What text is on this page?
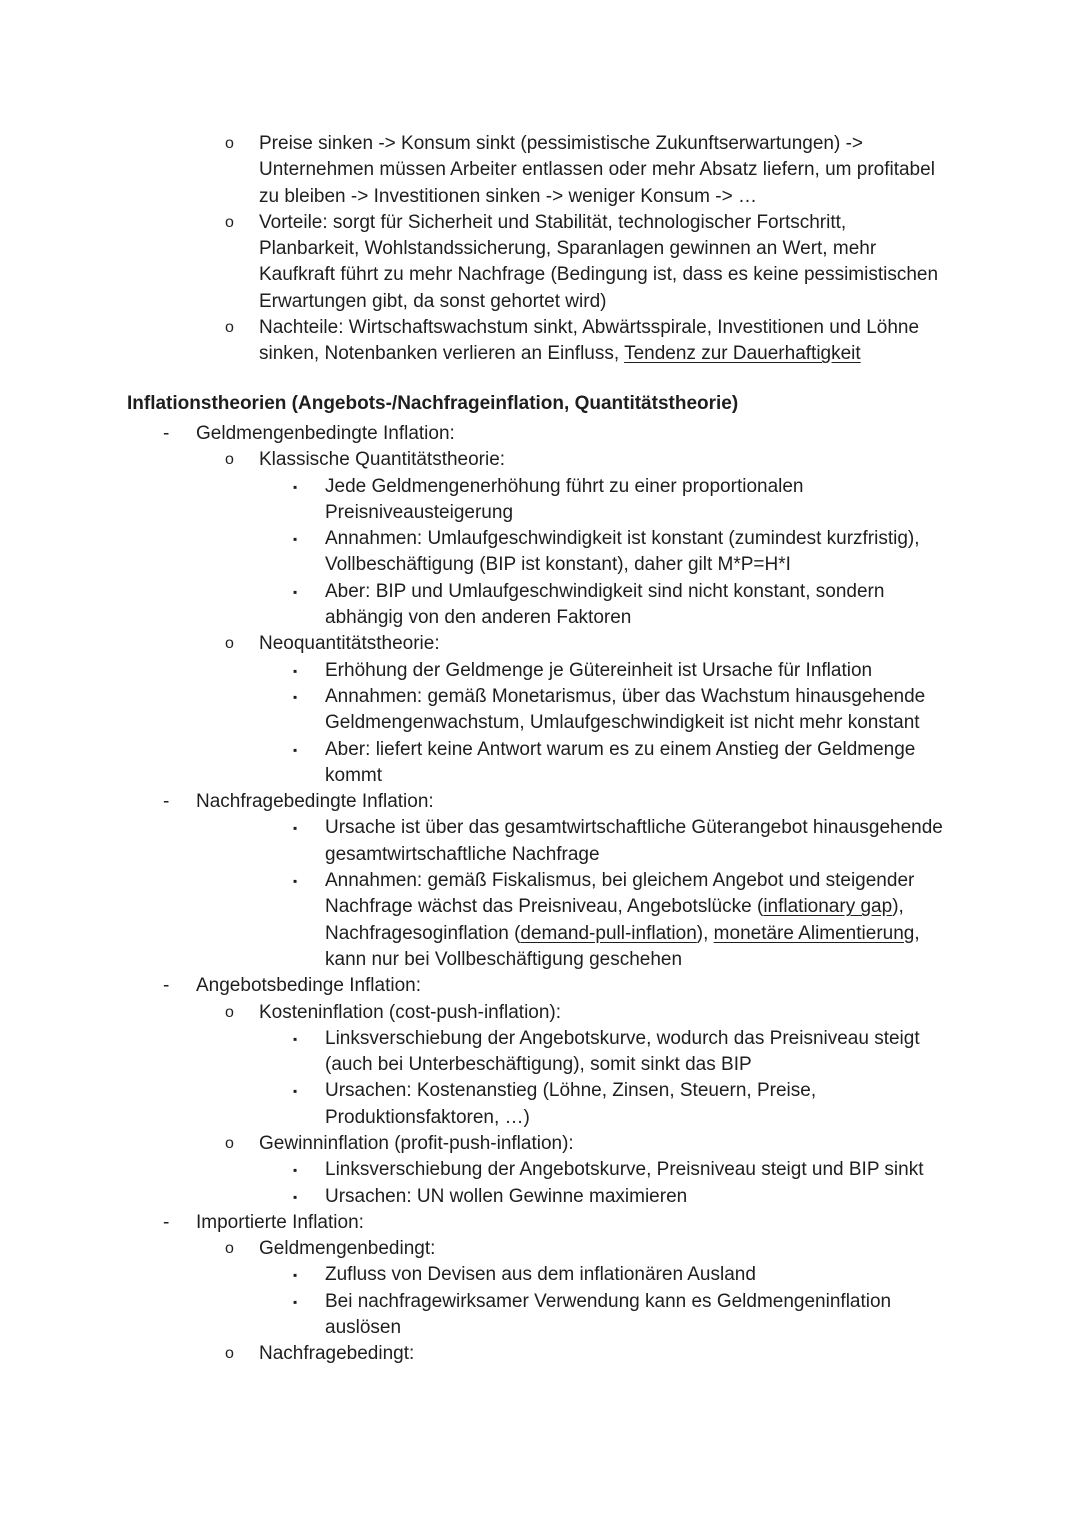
o Preise sinken -> Konsum sinkt (pessimistische Zukunftserwartungen) ->
Unternehmen müssen Arbeiter entlassen oder mehr Absatz liefern, um profitabel
zu bleiben -> Investitionen sinken -> weniger Konsum -> …
o Vorteile: sorgt für Sicherheit und Stabilität, technologischer Fortschritt,
Planbarkeit, Wohlstandssicherung, Sparanlagen gewinnen an Wert, mehr
Kaufkraft führt zu mehr Nachfrage (Bedingung ist, dass es keine pessimistischen
Erwartungen gibt, da sonst gehortet wird)
o Nachteile: Wirtschaftswachstum sinkt, Abwärtsspirale, Investitionen und Löhne
sinken, Notenbanken verlieren an Einfluss, Tendenz zur Dauerhaftigkeit
Inflationstheorien (Angebots-/Nachfrageinflation, Quantitätstheorie)
- Geldmengenbedingte Inflation:
o Klassische Quantitätstheorie:
▪ Jede Geldmengenerhöhung führt zu einer proportionalen
Preisniveausteigerung
▪ Annahmen: Umlaufgeschwindigkeit ist konstant (zumindest kurzfristig),
Vollbeschäftigung (BIP ist konstant), daher gilt M*P=H*I
▪ Aber: BIP und Umlaufgeschwindigkeit sind nicht konstant, sondern
abhängig von den anderen Faktoren
o Neoquantitätstheorie:
▪ Erhöhung der Geldmenge je Gütereinheit ist Ursache für Inflation
▪ Annahmen: gemäß Monetarismus, über das Wachstum hinausgehende
Geldmengenwachstum, Umlaufgeschwindigkeit ist nicht mehr konstant
▪ Aber: liefert keine Antwort warum es zu einem Anstieg der Geldmenge
kommt
- Nachfragebedingte Inflation:
▪ Ursache ist über das gesamtwirtschaftliche Güterangebot hinausgehende
gesamtwirtschaftliche Nachfrage
▪ Annahmen: gemäß Fiskalismus, bei gleichem Angebot und steigender
Nachfrage wächst das Preisniveau, Angebotslücke (inflationary gap),
Nachfragesoginflation (demand-pull-inflation), monetäre Alimentierung,
kann nur bei Vollbeschäftigung geschehen
- Angebotsbedinge Inflation:
o Kosteninflation (cost-push-inflation):
▪ Linksverschiebung der Angebotskurve, wodurch das Preisniveau steigt
(auch bei Unterbeschäftigung), somit sinkt das BIP
▪ Ursachen: Kostenanstieg (Löhne, Zinsen, Steuern, Preise,
Produktionsfaktoren, …)
o Gewinninflation (profit-push-inflation):
▪ Linksverschiebung der Angebotskurve, Preisniveau steigt und BIP sinkt
▪ Ursachen: UN wollen Gewinne maximieren
- Importierte Inflation:
o Geldmengenbedingt:
▪ Zufluss von Devisen aus dem inflationären Ausland
▪ Bei nachfragewirksamer Verwendung kann es Geldmengeninflation
auslösen
o Nachfragebedingt:
